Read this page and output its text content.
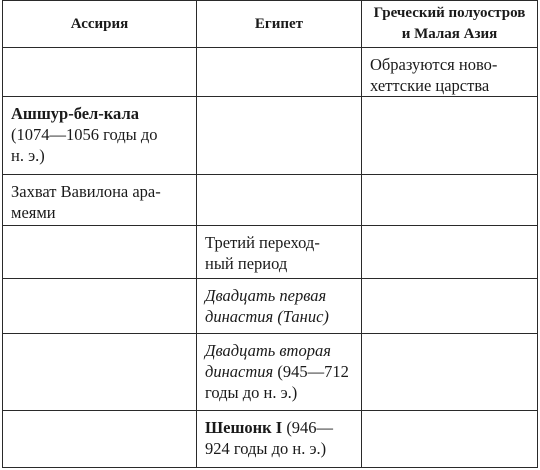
Ассирия	Египет	Греческий полуостров
и Малая Азия

		Образуются ново-
хеттские царства

Ашшур-бел-кала
(1074—1056 годы до
н. э.)		

Захват Вавилона ара-
меями		

	Третий переход-
ный период	

	Двадцать первая
династия (Танис)	

	Двадцать вторая
династия (945—712
годы до н. э.)	

	Шешонк I (946—
924 годы до н. э.)	
